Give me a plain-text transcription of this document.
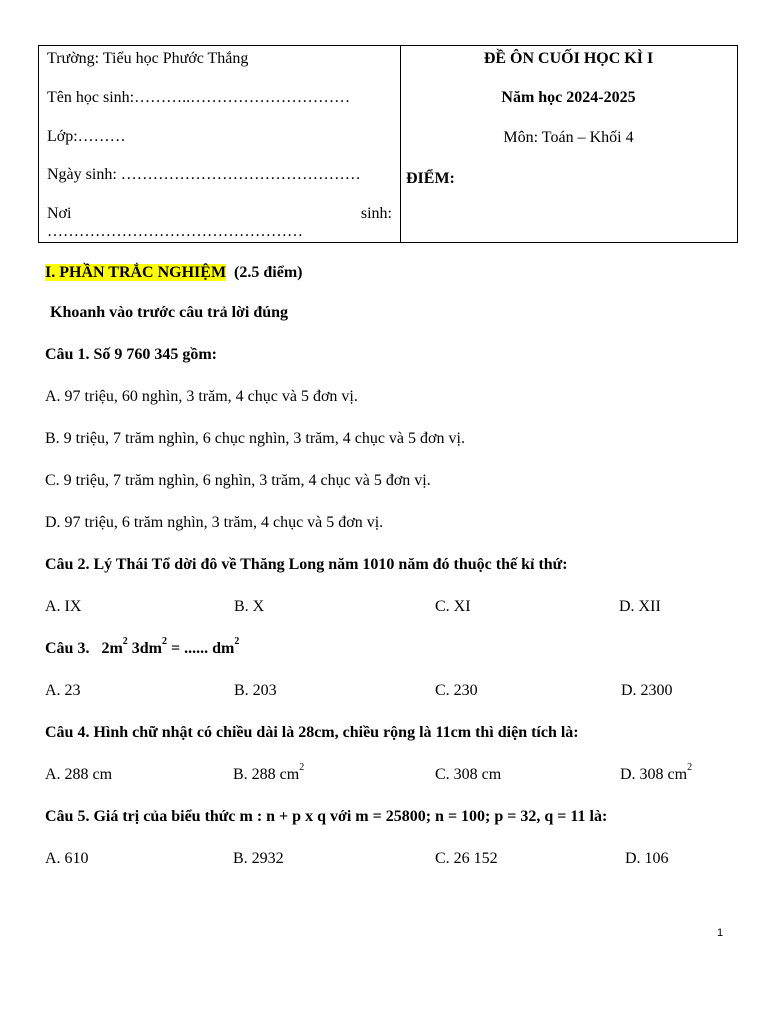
Trường: Tiểu học Phước Thắng
Tên học sinh:………..…………………………
Lớp:………
Ngày sinh: ………………………………………
Nơi	sinh:
…………………………………………
ĐỀ ÔN CUỐI HỌC KÌ I
Năm học 2024-2025
Môn: Toán – Khối 4
ĐIỂM:
I. PHẦN TRẮC NGHIỆM (2.5 điểm)
Khoanh vào trước câu trả lời đúng
Câu 1. Số 9 760 345 gồm:
A. 97 triệu, 60 nghìn, 3 trăm, 4 chục và 5 đơn vị.
B. 9 triệu, 7 trăm nghìn, 6 chục nghìn, 3 trăm, 4 chục và 5 đơn vị.
C. 9 triệu, 7 trăm nghìn, 6 nghìn, 3 trăm, 4 chục và 5 đơn vị.
D. 97 triệu, 6 trăm nghìn, 3 trăm, 4 chục và 5 đơn vị.
Câu 2. Lý Thái Tổ dời đô về Thăng Long năm 1010 năm đó thuộc thế kỉ thứ:
A. IX	B. X	C. XI	D. XII
Câu 3. $2m^2$ $3dm^2$ = ...... $dm^2$
A. 23	B. 203	C. 230	D. 2300
Câu 4. Hình chữ nhật có chiều dài là 28cm, chiều rộng là 11cm thì diện tích là:
A. 288 cm	B. 288 $cm^2$	C. 308 cm	D. 308 $cm^2$
Câu 5. Giá trị của biểu thức m : n + p x q với m = 25800; n = 100; p = 32, q = 11 là:
A. 610	B. 2932	C. 26 152	D. 106
1
